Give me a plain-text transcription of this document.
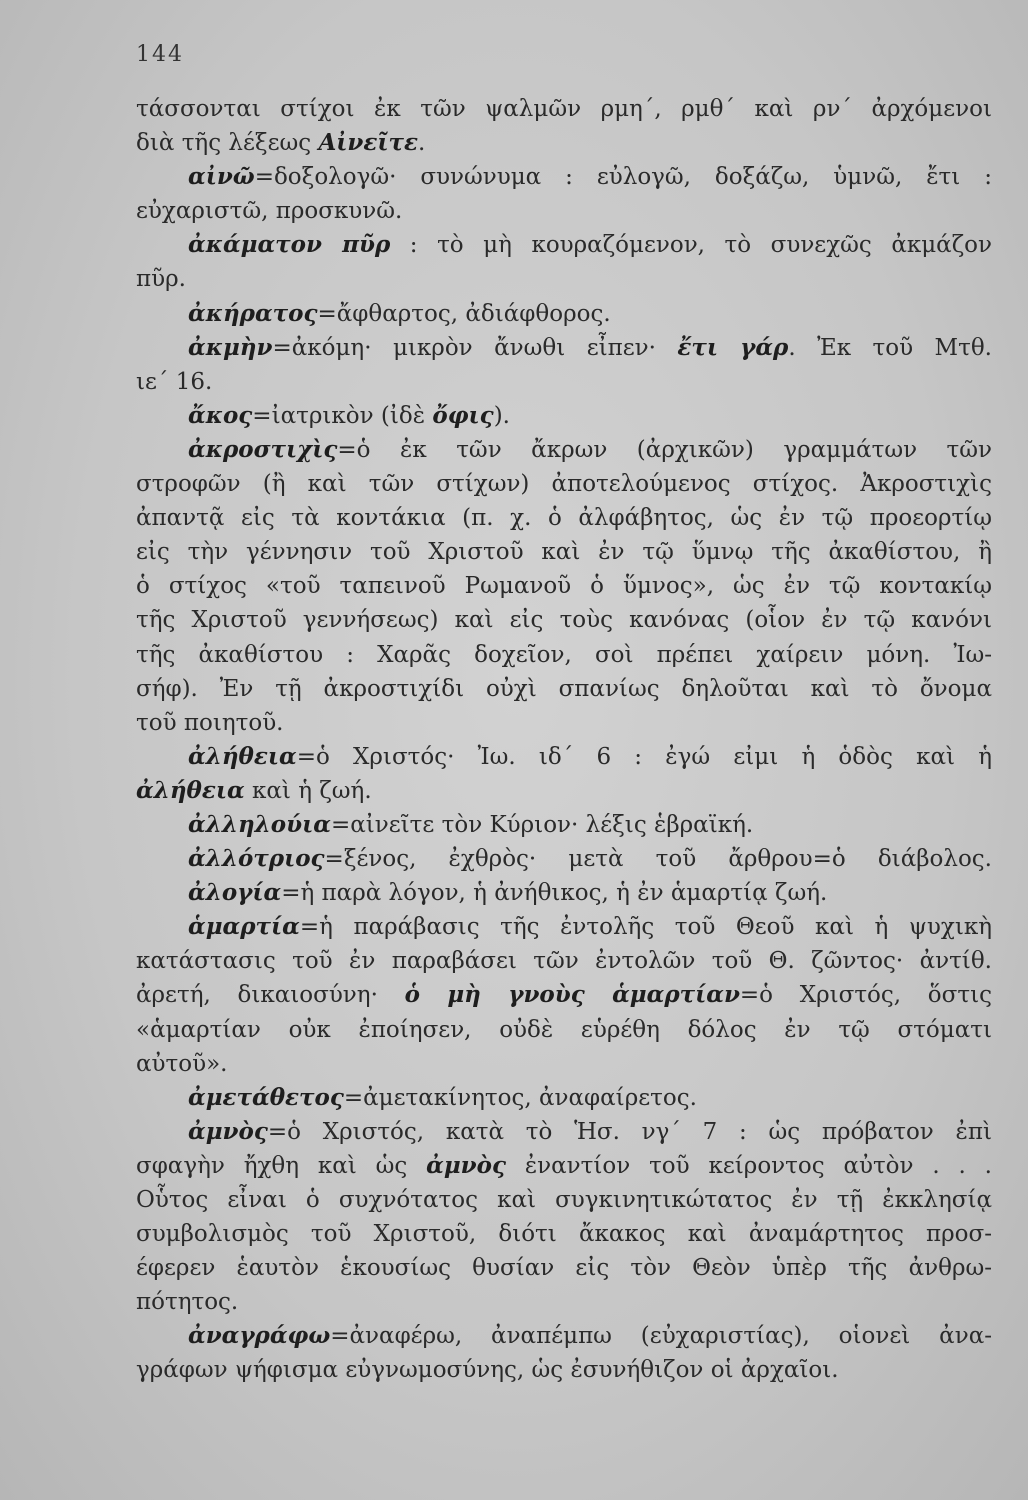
144
τάσσονται στίχοι ἐκ τῶν ψαλμῶν ρμη΄, ρμθ΄ καὶ ρν΄ ἀρχόμενοι
διὰ τῆς λέξεως Αἰνεῖτε.
αἰνῶ=δοξολογῶ· συνώνυμα : εὐλογῶ, δοξάζω, ὑμνῶ, ἔτι :
εὐχαριστῶ, προσκυνῶ.
ἀκάματον πῦρ : τὸ μὴ κουραζόμενον, τὸ συνεχῶς ἀκμάζον
πῦρ.
ἀκήρατος=ἄφθαρτος, ἀδιάφθορος.
ἀκμὴν=ἀκόμη· μικρὸν ἄνωθι εἶπεν· ἔτι γάρ. Ἐκ τοῦ Μτθ.
ιε΄ 16.
ἄκος=ἰατρικὸν (ἰδὲ ὄφις).
ἀκροστιχὶς=ὁ ἐκ τῶν ἄκρων (ἀρχικῶν) γραμμάτων τῶν
στροφῶν (ἢ καὶ τῶν στίχων) ἀποτελούμενος στίχος. Ἀκροστιχὶς
ἀπαντᾷ εἰς τὰ κοντάκια (π. χ. ὁ ἀλφάβητος, ὡς ἐν τῷ προεορτίῳ
εἰς τὴν γέννησιν τοῦ Χριστοῦ καὶ ἐν τῷ ὕμνῳ τῆς ἀκαθίστου, ἢ
ὁ στίχος «τοῦ ταπεινοῦ Ρωμανοῦ ὁ ὕμνος», ὡς ἐν τῷ κοντακίῳ
τῆς Χριστοῦ γεννήσεως) καὶ εἰς τοὺς κανόνας (οἷον ἐν τῷ κανόνι
τῆς ἀκαθίστου : Χαρᾶς δοχεῖον, σοὶ πρέπει χαίρειν μόνη. Ἰω-
σήφ). Ἐν τῇ ἀκροστιχίδι οὐχὶ σπανίως δηλοῦται καὶ τὸ ὄνομα
τοῦ ποιητοῦ.
ἀλήθεια=ὁ Χριστός· Ἰω. ιδ΄ 6 : ἐγώ εἰμι ἡ ὁδὸς καὶ ἡ
ἀλήθεια καὶ ἡ ζωή.
ἀλληλούια=αἰνεῖτε τὸν Κύριον· λέξις ἑβραϊκή.
ἀλλότριος=ξένος, ἐχθρὸς· μετὰ τοῦ ἄρθρου=ὁ διάβολος.
ἀλογία=ἡ παρὰ λόγον, ἡ ἀνήθικος, ἡ ἐν ἁμαρτίᾳ ζωή.
ἁμαρτία=ἡ παράβασις τῆς ἐντολῆς τοῦ Θεοῦ καὶ ἡ ψυχικὴ
κατάστασις τοῦ ἐν παραβάσει τῶν ἐντολῶν τοῦ Θ. ζῶντος· ἀντίθ.
ἀρετή, δικαιοσύνη· ὁ μὴ γνοὺς ἁμαρτίαν=ὁ Χριστός, ὅστις
«ἁμαρτίαν οὐκ ἐποίησεν, οὐδὲ εὑρέθη δόλος ἐν τῷ στόματι
αὐτοῦ».
ἀμετάθετος=ἀμετακίνητος, ἀναφαίρετος.
ἀμνὸς=ὁ Χριστός, κατὰ τὸ Ἡσ. νγ΄ 7 : ὡς πρόβατον ἐπὶ
σφαγὴν ἤχθη καὶ ὡς ἀμνὸς ἐναντίον τοῦ κείροντος αὐτὸν . . .
Οὗτος εἶναι ὁ συχνότατος καὶ συγκινητικώτατος ἐν τῇ ἐκκλησίᾳ
συμβολισμὸς τοῦ Χριστοῦ, διότι ἄκακος καὶ ἀναμάρτητος προσ-
έφερεν ἑαυτὸν ἑκουσίως θυσίαν εἰς τὸν Θεὸν ὑπὲρ τῆς ἀνθρω-
πότητος.
ἀναγράφω=ἀναφέρω, ἀναπέμπω (εὐχαριστίας), οἱονεὶ ἀνα-
γράφων ψήφισμα εὐγνωμοσύνης, ὡς ἐσυνήθιζον οἱ ἀρχαῖοι.
